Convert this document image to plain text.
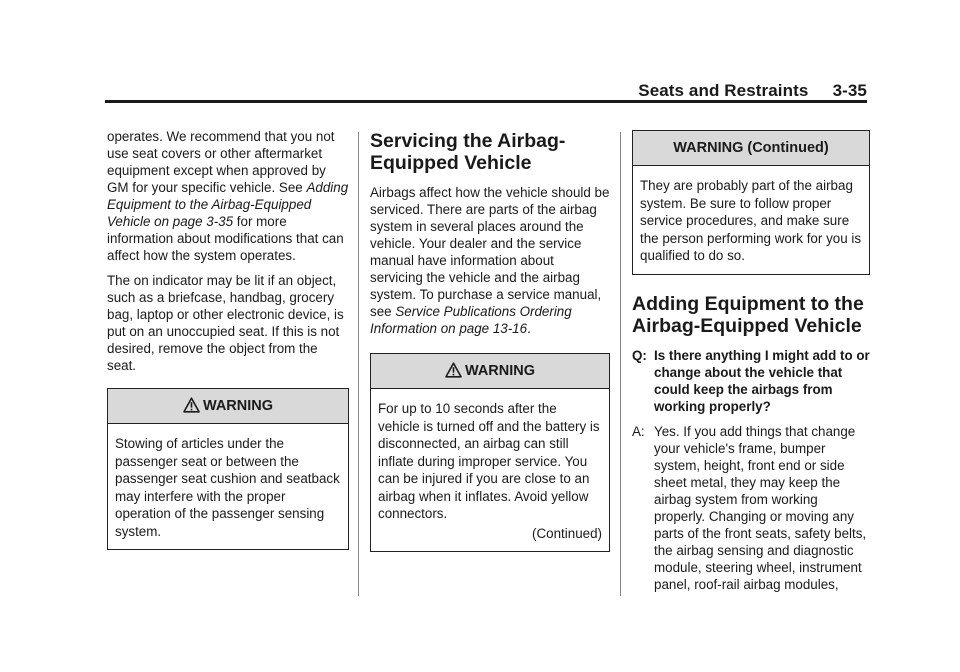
Seats and Restraints 3-35

operates. We recommend that you not use seat covers or other aftermarket equipment except when approved by GM for your specific vehicle. See Adding Equipment to the Airbag-Equipped Vehicle on page 3-35 for more information about modifications that can affect how the system operates.

The on indicator may be lit if an object, such as a briefcase, handbag, grocery bag, laptop or other electronic device, is put on an unoccupied seat. If this is not desired, remove the object from the seat.

WARNING
Stowing of articles under the passenger seat or between the passenger seat cushion and seatback may interfere with the proper operation of the passenger sensing system.
Servicing the Airbag-Equipped Vehicle

Airbags affect how the vehicle should be serviced. There are parts of the airbag system in several places around the vehicle. Your dealer and the service manual have information about servicing the vehicle and the airbag system. To purchase a service manual, see Service Publications Ordering Information on page 13-16.

WARNING
For up to 10 seconds after the vehicle is turned off and the battery is disconnected, an airbag can still inflate during improper service. You can be injured if you are close to an airbag when it inflates. Avoid yellow connectors.
(Continued)
WARNING (Continued)
They are probably part of the airbag system. Be sure to follow proper service procedures, and make sure the person performing work for you is qualified to do so.
Adding Equipment to the Airbag-Equipped Vehicle
Q: Is there anything I might add to or change about the vehicle that could keep the airbags from working properly?
A: Yes. If you add things that change your vehicle's frame, bumper system, height, front end or side sheet metal, they may keep the airbag system from working properly. Changing or moving any parts of the front seats, safety belts, the airbag sensing and diagnostic module, steering wheel, instrument panel, roof-rail airbag modules,
